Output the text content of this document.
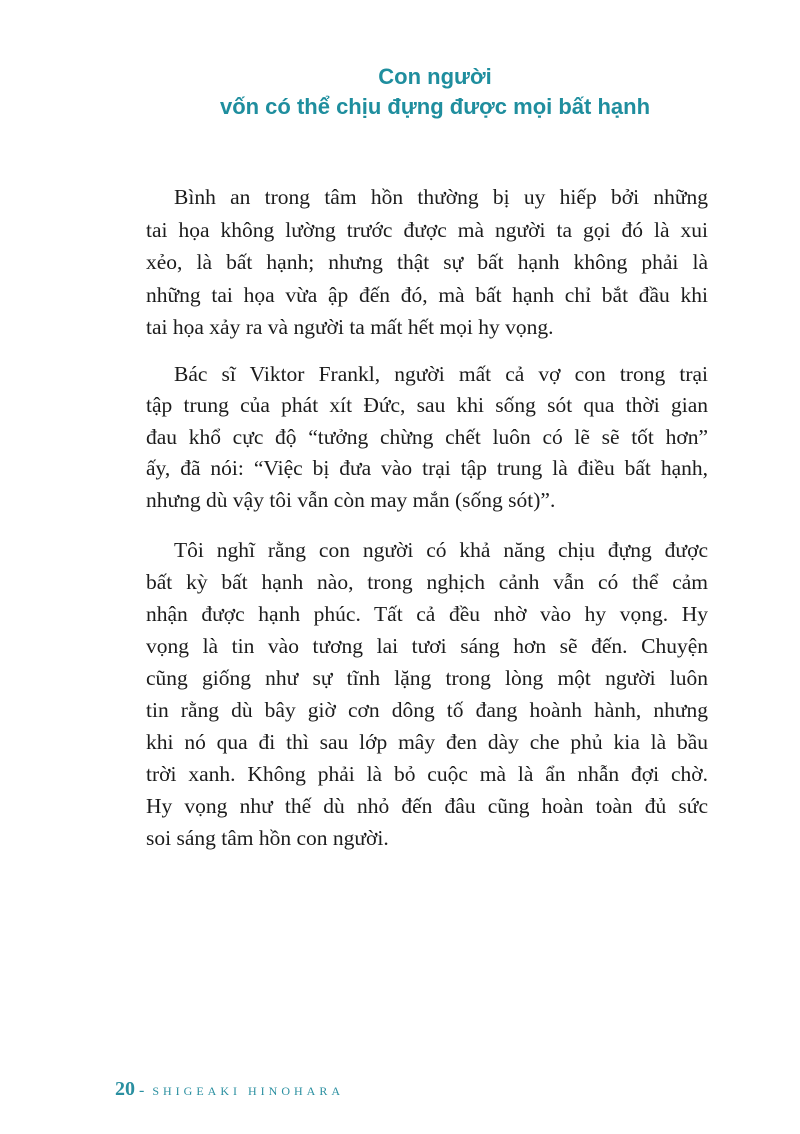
Con người
vốn có thể chịu đựng được mọi bất hạnh
Bình an trong tâm hồn thường bị uy hiếp bởi những
tai họa không lường trước được mà người ta gọi đó là xui
xẻo, là bất hạnh; nhưng thật sự bất hạnh không phải là
những tai họa vừa ập đến đó, mà bất hạnh chỉ bắt đầu khi
tai họa xảy ra và người ta mất hết mọi hy vọng.
Bác sĩ Viktor Frankl, người mất cả vợ con trong trại
tập trung của phát xít Đức, sau khi sống sót qua thời gian
đau khổ cực độ “tưởng chừng chết luôn có lẽ sẽ tốt hơn”
ấy, đã nói: “Việc bị đưa vào trại tập trung là điều bất hạnh,
nhưng dù vậy tôi vẫn còn may mắn (sống sót)”.
Tôi nghĩ rằng con người có khả năng chịu đựng được
bất kỳ bất hạnh nào, trong nghịch cảnh vẫn có thể cảm
nhận được hạnh phúc. Tất cả đều nhờ vào hy vọng. Hy
vọng là tin vào tương lai tươi sáng hơn sẽ đến. Chuyện
cũng giống như sự tĩnh lặng trong lòng một người luôn
tin rằng dù bây giờ cơn dông tố đang hoành hành, nhưng
khi nó qua đi thì sau lớp mây đen dày che phủ kia là bầu
trời xanh. Không phải là bỏ cuộc mà là ẩn nhẫn đợi chờ.
Hy vọng như thế dù nhỏ đến đâu cũng hoàn toàn đủ sức
soi sáng tâm hồn con người.
20 - SHIGEAKI HINOHARA
